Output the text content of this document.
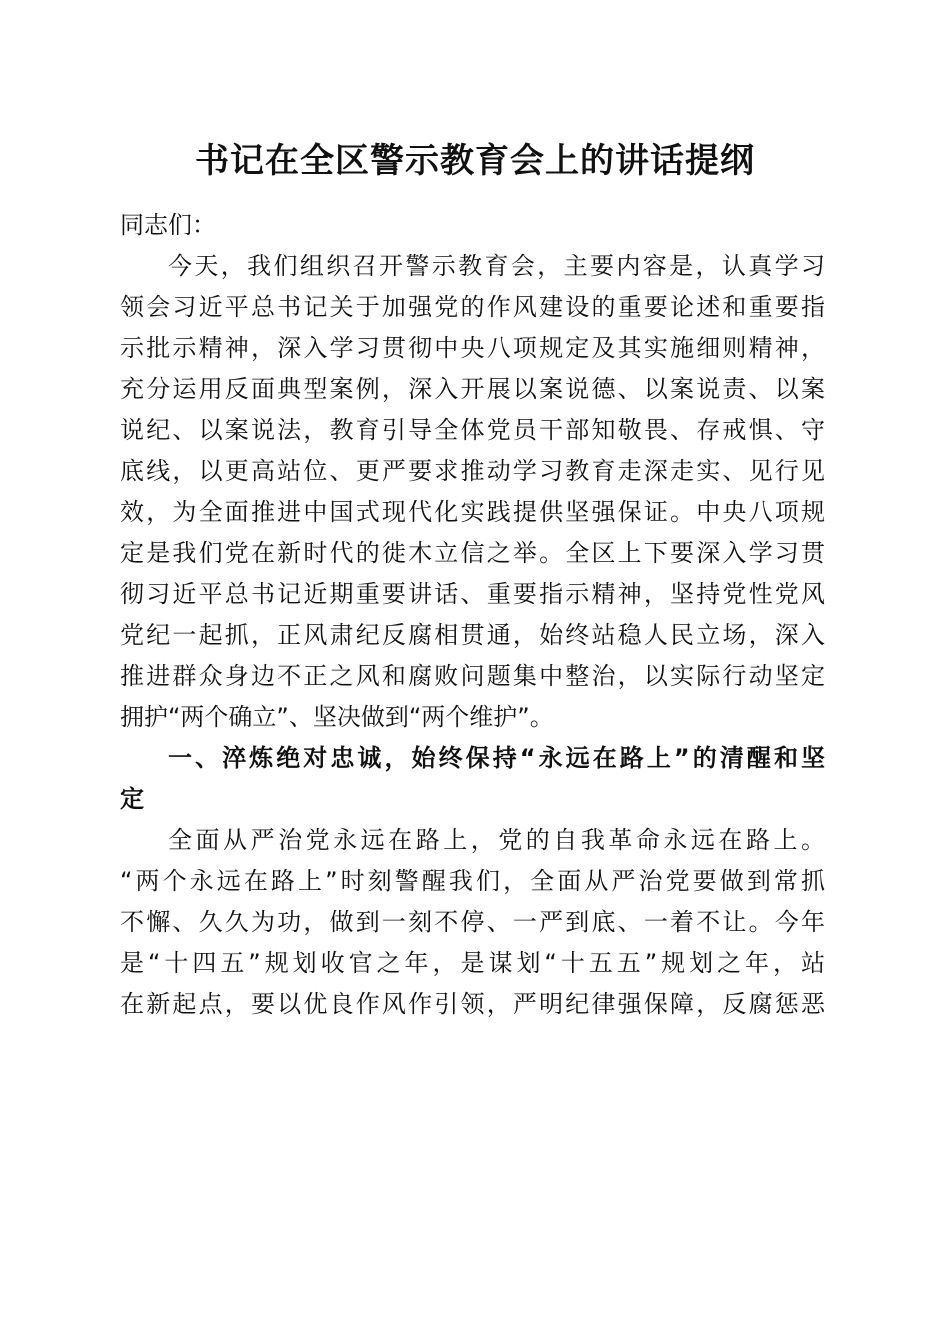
书记在全区警示教育会上的讲话提纲
同志们：
今天，我们组织召开警示教育会，主要内容是，认真学习
领会习近平总书记关于加强党的作风建设的重要论述和重要指
示批示精神，深入学习贯彻中央八项规定及其实施细则精神，
充分运用反面典型案例，深入开展以案说德、以案说责、以案
说纪、以案说法，教育引导全体党员干部知敬畏、存戒惧、守
底线，以更高站位、更严要求推动学习教育走深走实、见行见
效，为全面推进中国式现代化实践提供坚强保证。中央八项规
定是我们党在新时代的徙木立信之举。全区上下要深入学习贯
彻习近平总书记近期重要讲话、重要指示精神，坚持党性党风
党纪一起抓，正风肃纪反腐相贯通，始终站稳人民立场，深入
推进群众身边不正之风和腐败问题集中整治，以实际行动坚定
拥护“两个确立”、坚决做到“两个维护”。
一、淬炼绝对忠诚，始终保持“永远在路上”的清醒和坚
定
全面从严治党永远在路上，党的自我革命永远在路上。
“两个永远在路上”时刻警醒我们，全面从严治党要做到常抓
不懈、久久为功，做到一刻不停、一严到底、一着不让。今年
是“十四五”规划收官之年，是谋划“十五五”规划之年，站
在新起点，要以优良作风作引领，严明纪律强保障，反腐惩恶
